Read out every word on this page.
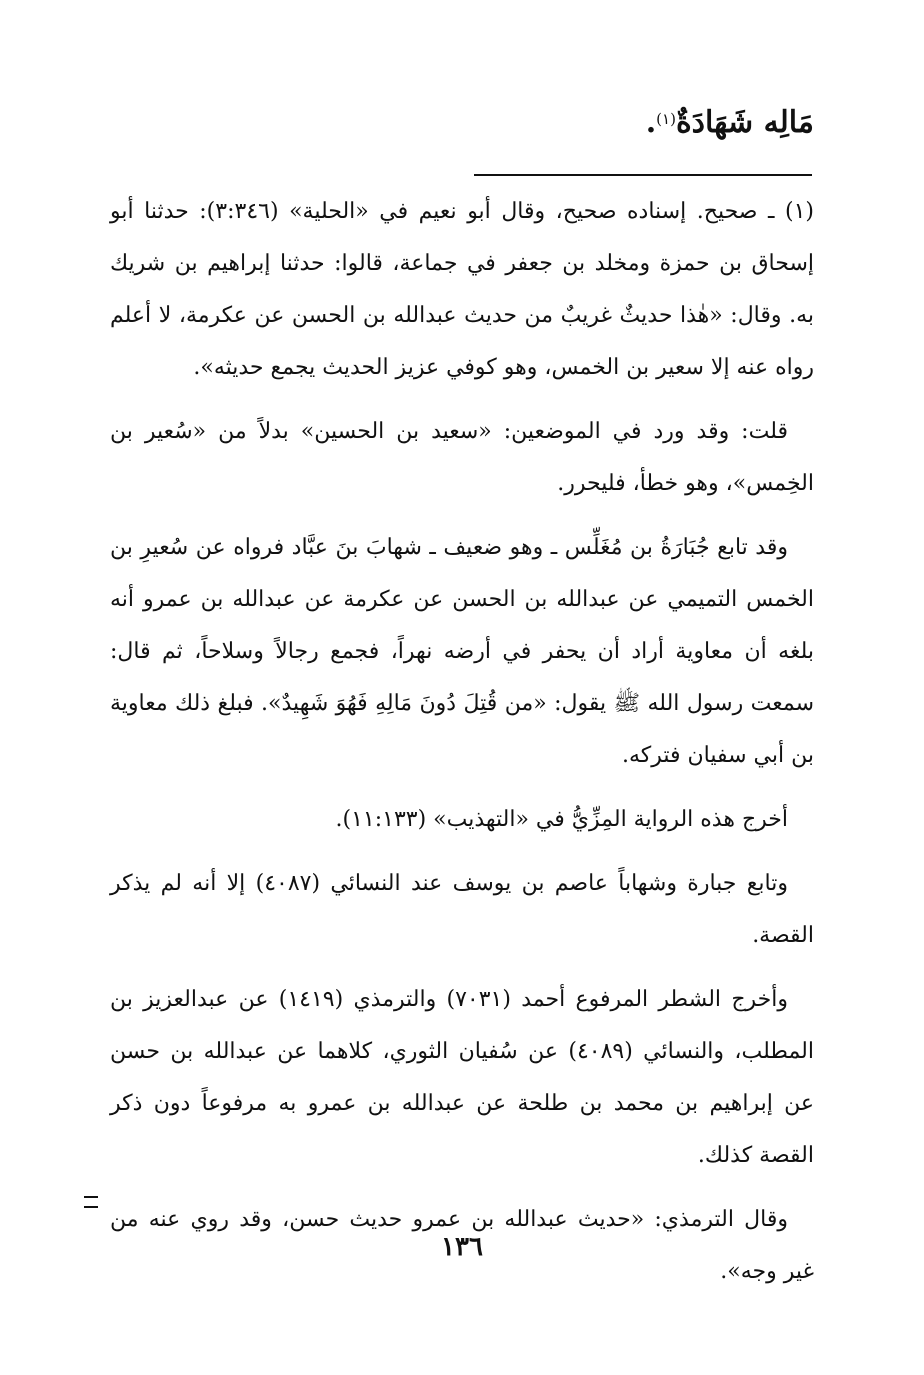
مَالِه شَهَادَةٌ$^{(١)}$.

(١) ـ صحيح. إسناده صحيح، وقال أبو نعيم في «الحلية» (٣:٣٤٦): حدثنا أبو إسحاق بن حمزة ومخلد بن جعفر في جماعة، قالوا: حدثنا إبراهيم بن شريك به. وقال: «هٰذا حديثٌ غريبٌ من حديث عبدالله بن الحسن عن عكرمة، لا أعلم رواه عنه إلا سعير بن الخمس، وهو كوفي عزيز الحديث يجمع حديثه».

قلت: وقد ورد في الموضعين: «سعيد بن الحسين» بدلاً من «سُعير بن الخِمس»، وهو خطأ، فليحرر.

وقد تابع جُبَارَةُ بن مُغَلِّس ـ وهو ضعيف ـ شهابَ بنَ عبَّاد فرواه عن سُعيرِ بن الخمس التميمي عن عبدالله بن الحسن عن عكرمة عن عبدالله بن عمرو أنه بلغه أن معاوية أراد أن يحفر في أرضه نهراً، فجمع رجالاً وسلاحاً، ثم قال: سمعت رسول الله ﷺ يقول: «من قُتِلَ دُونَ مَالِهِ فَهُوَ شَهِيدٌ». فبلغ ذلك معاوية بن أبي سفيان فتركه.

أخرج هذه الرواية المِزِّيُّ في «التهذيب» (١١:١٣٣).

وتابع جبارة وشهاباً عاصم بن يوسف عند النسائي (٤٠٨٧) إلا أنه لم يذكر القصة.

وأخرج الشطر المرفوع أحمد (٧٠٣١) والترمذي (١٤١٩) عن عبدالعزيز بن المطلب، والنسائي (٤٠٨٩) عن سُفيان الثوري، كلاهما عن عبدالله بن حسن عن إبراهيم بن محمد بن طلحة عن عبدالله بن عمرو به مرفوعاً دون ذكر القصة كذلك.

وقال الترمذي: «حديث عبدالله بن عمرو حديث حسن، وقد روي عنه من غير وجه».

١٣٦
